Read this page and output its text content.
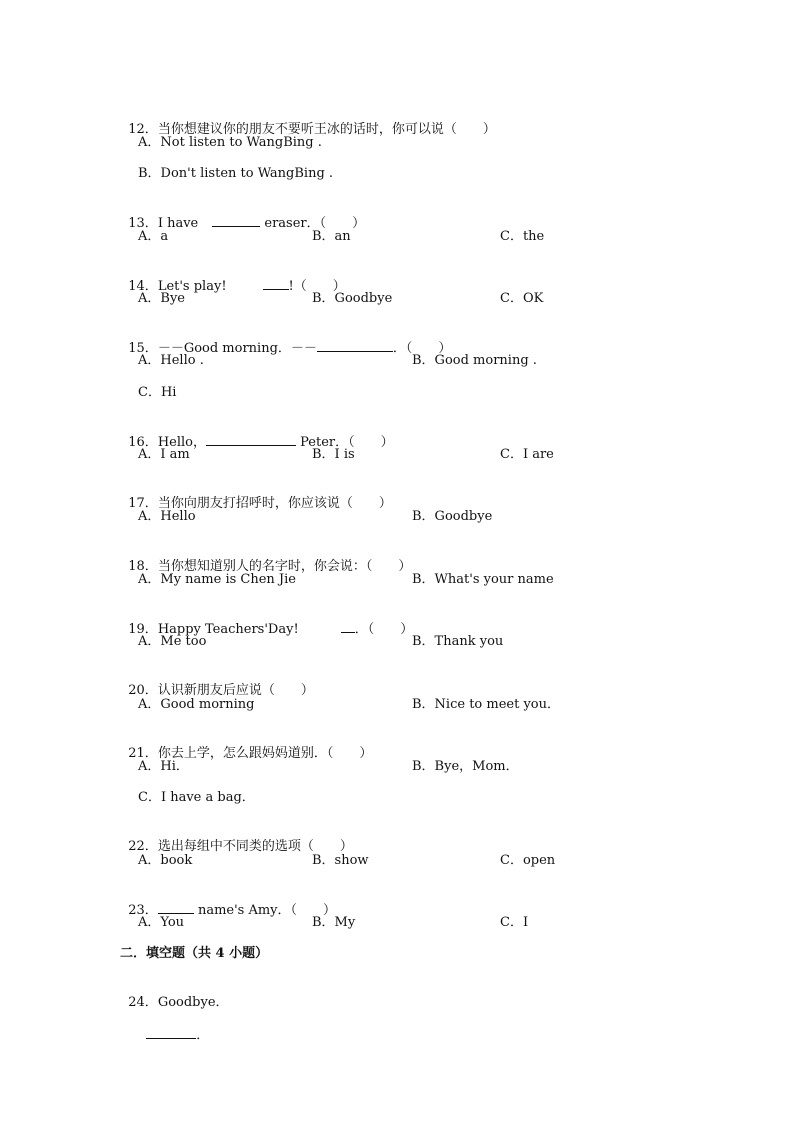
12．当你想建议你的朋友不要听王冰的话时，你可以说（　　）

A．Not listen to WangBing .
B．Don't listen to WangBing .

13．I have	eraser．（　　）

A．a	B．an	C．the

14．Let's play!	!（　　）

A．Bye	B．Goodbye	C．OK

15．－－Good morning．－－	．（　　）

A．Hello .	B．Good morning .
C．Hi

16．Hello，	Peter．（　　）

A．I am	B．I is	C．I are

17．当你向朋友打招呼时，你应该说（　　）

A．Hello	B．Goodbye

18．当你想知道别人的名字时，你会说：（　　）

A．My name is Chen Jie	B．What's your name

19．Happy Teachers'Day!	．（　　）

A．Me too	B．Thank you

20．认识新朋友后应说（　　）

A．Good morning	B．Nice to meet you．

21．你去上学，怎么跟妈妈道别．（　　）

A．Hi．	B．Bye，Mom．
C．I have a bag．

22．选出每组中不同类的选项（　　）

A．book	B．show	C．open

23．	name's Amy．（　　）

A．You	B．My	C．I
二．填空题（共 4 小题）

24．Goodbye．

．
